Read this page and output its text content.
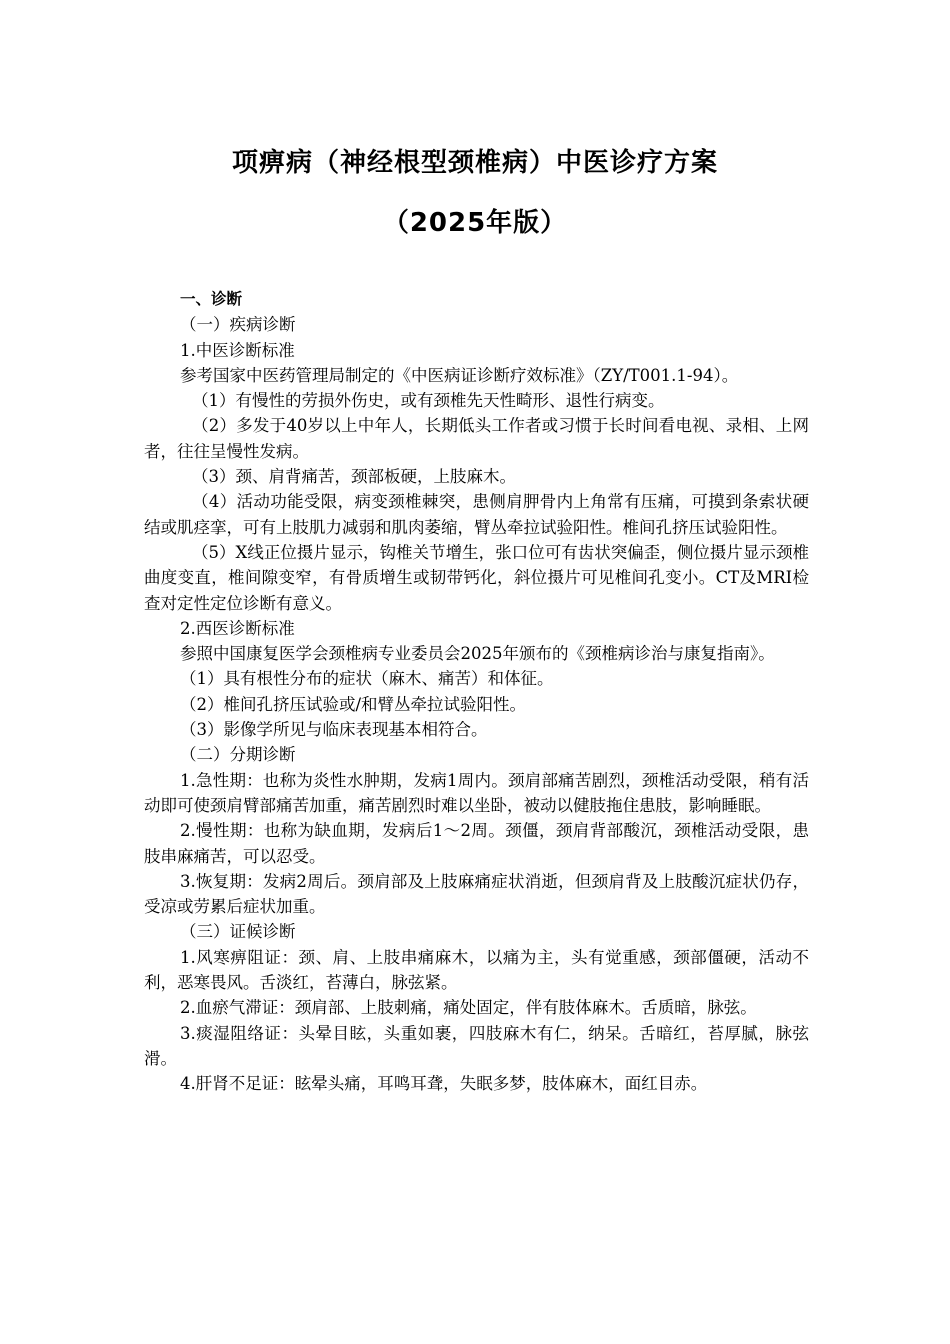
项痹病（神经根型颈椎病）中医诊疗方案
（2025年版）

一、诊断

（一）疾病诊断

1.中医诊断标准

参考国家中医药管理局制定的《中医病证诊断疗效标准》（ZY/T001.1-94）。

（1）有慢性的劳损外伤史，或有颈椎先天性畸形、退性行病变。

（2）多发于40岁以上中年人，长期低头工作者或习惯于长时间看电视、录相、上网者，往往呈慢性发病。

（3）颈、肩背痛苦，颈部板硬，上肢麻木。

（4）活动功能受限，病变颈椎棘突，患侧肩胛骨内上角常有压痛，可摸到条索状硬结或肌痉挛，可有上肢肌力减弱和肌肉萎缩，臂丛牵拉试验阳性。椎间孔挤压试验阳性。

（5）X线正位摄片显示，钩椎关节增生，张口位可有齿状突偏歪，侧位摄片显示颈椎曲度变直，椎间隙变窄，有骨质增生或韧带钙化，斜位摄片可见椎间孔变小。CT及MRI检查对定性定位诊断有意义。

2.西医诊断标准

参照中国康复医学会颈椎病专业委员会2025年颁布的《颈椎病诊治与康复指南》。

（1）具有根性分布的症状（麻木、痛苦）和体征。

（2）椎间孔挤压试验或/和臂丛牵拉试验阳性。

（3）影像学所见与临床表现基本相符合。

（二）分期诊断

1.急性期：也称为炎性水肿期，发病1周内。颈肩部痛苦剧烈，颈椎活动受限，稍有活动即可使颈肩臂部痛苦加重，痛苦剧烈时难以坐卧，被动以健肢拖住患肢，影响睡眠。

2.慢性期：也称为缺血期，发病后1～2周。颈僵，颈肩背部酸沉，颈椎活动受限，患肢串麻痛苦，可以忍受。

3.恢复期：发病2周后。颈肩部及上肢麻痛症状消逝，但颈肩背及上肢酸沉症状仍存，受凉或劳累后症状加重。

（三）证候诊断

1.风寒痹阻证：颈、肩、上肢串痛麻木，以痛为主，头有觉重感，颈部僵硬，活动不利，恶寒畏风。舌淡红，苔薄白，脉弦紧。

2.血瘀气滞证：颈肩部、上肢刺痛，痛处固定，伴有肢体麻木。舌质暗，脉弦。

3.痰湿阻络证：头晕目眩，头重如裹，四肢麻木有仁，纳呆。舌暗红，苔厚腻，脉弦滑。

4.肝肾不足证：眩晕头痛，耳鸣耳聋，失眠多梦，肢体麻木，面红目赤。
